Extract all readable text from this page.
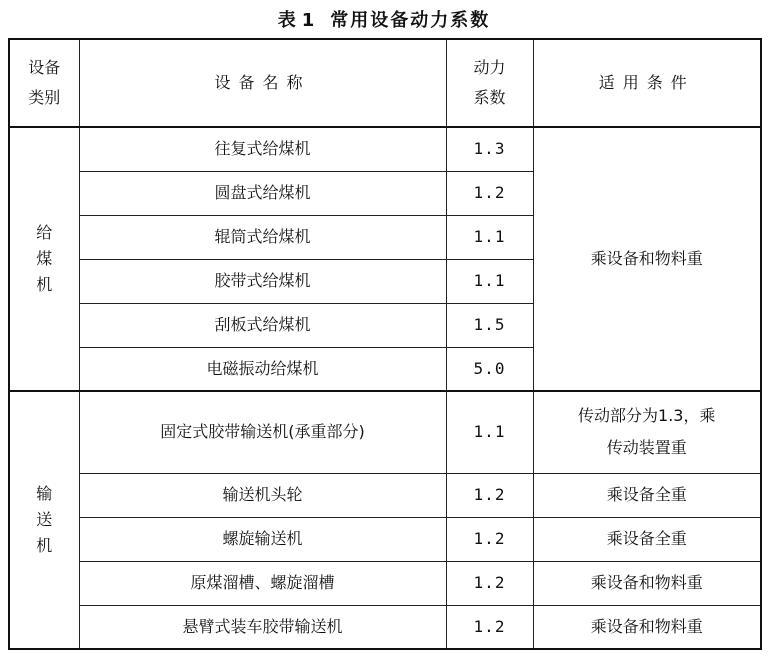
表 1 常用设备动力系数
设备类别	设备名称	动力系数	适用条件
给煤机	往复式给煤机	1.3	乘设备和物料重
	圆盘式给煤机	1.2	
	辊筒式给煤机	1.1	
	胶带式给煤机	1.1	
	刮板式给煤机	1.5	
	电磁振动给煤机	5.0	
输送机	固定式胶带输送机(承重部分)	1.1	传动部分为1.3，乘传动装置重
	输送机头轮	1.2	乘设备全重
	螺旋输送机	1.2	乘设备全重
	原煤溜槽、螺旋溜槽	1.2	乘设备和物料重
	悬臂式装车胶带输送机	1.2	乘设备和物料重
